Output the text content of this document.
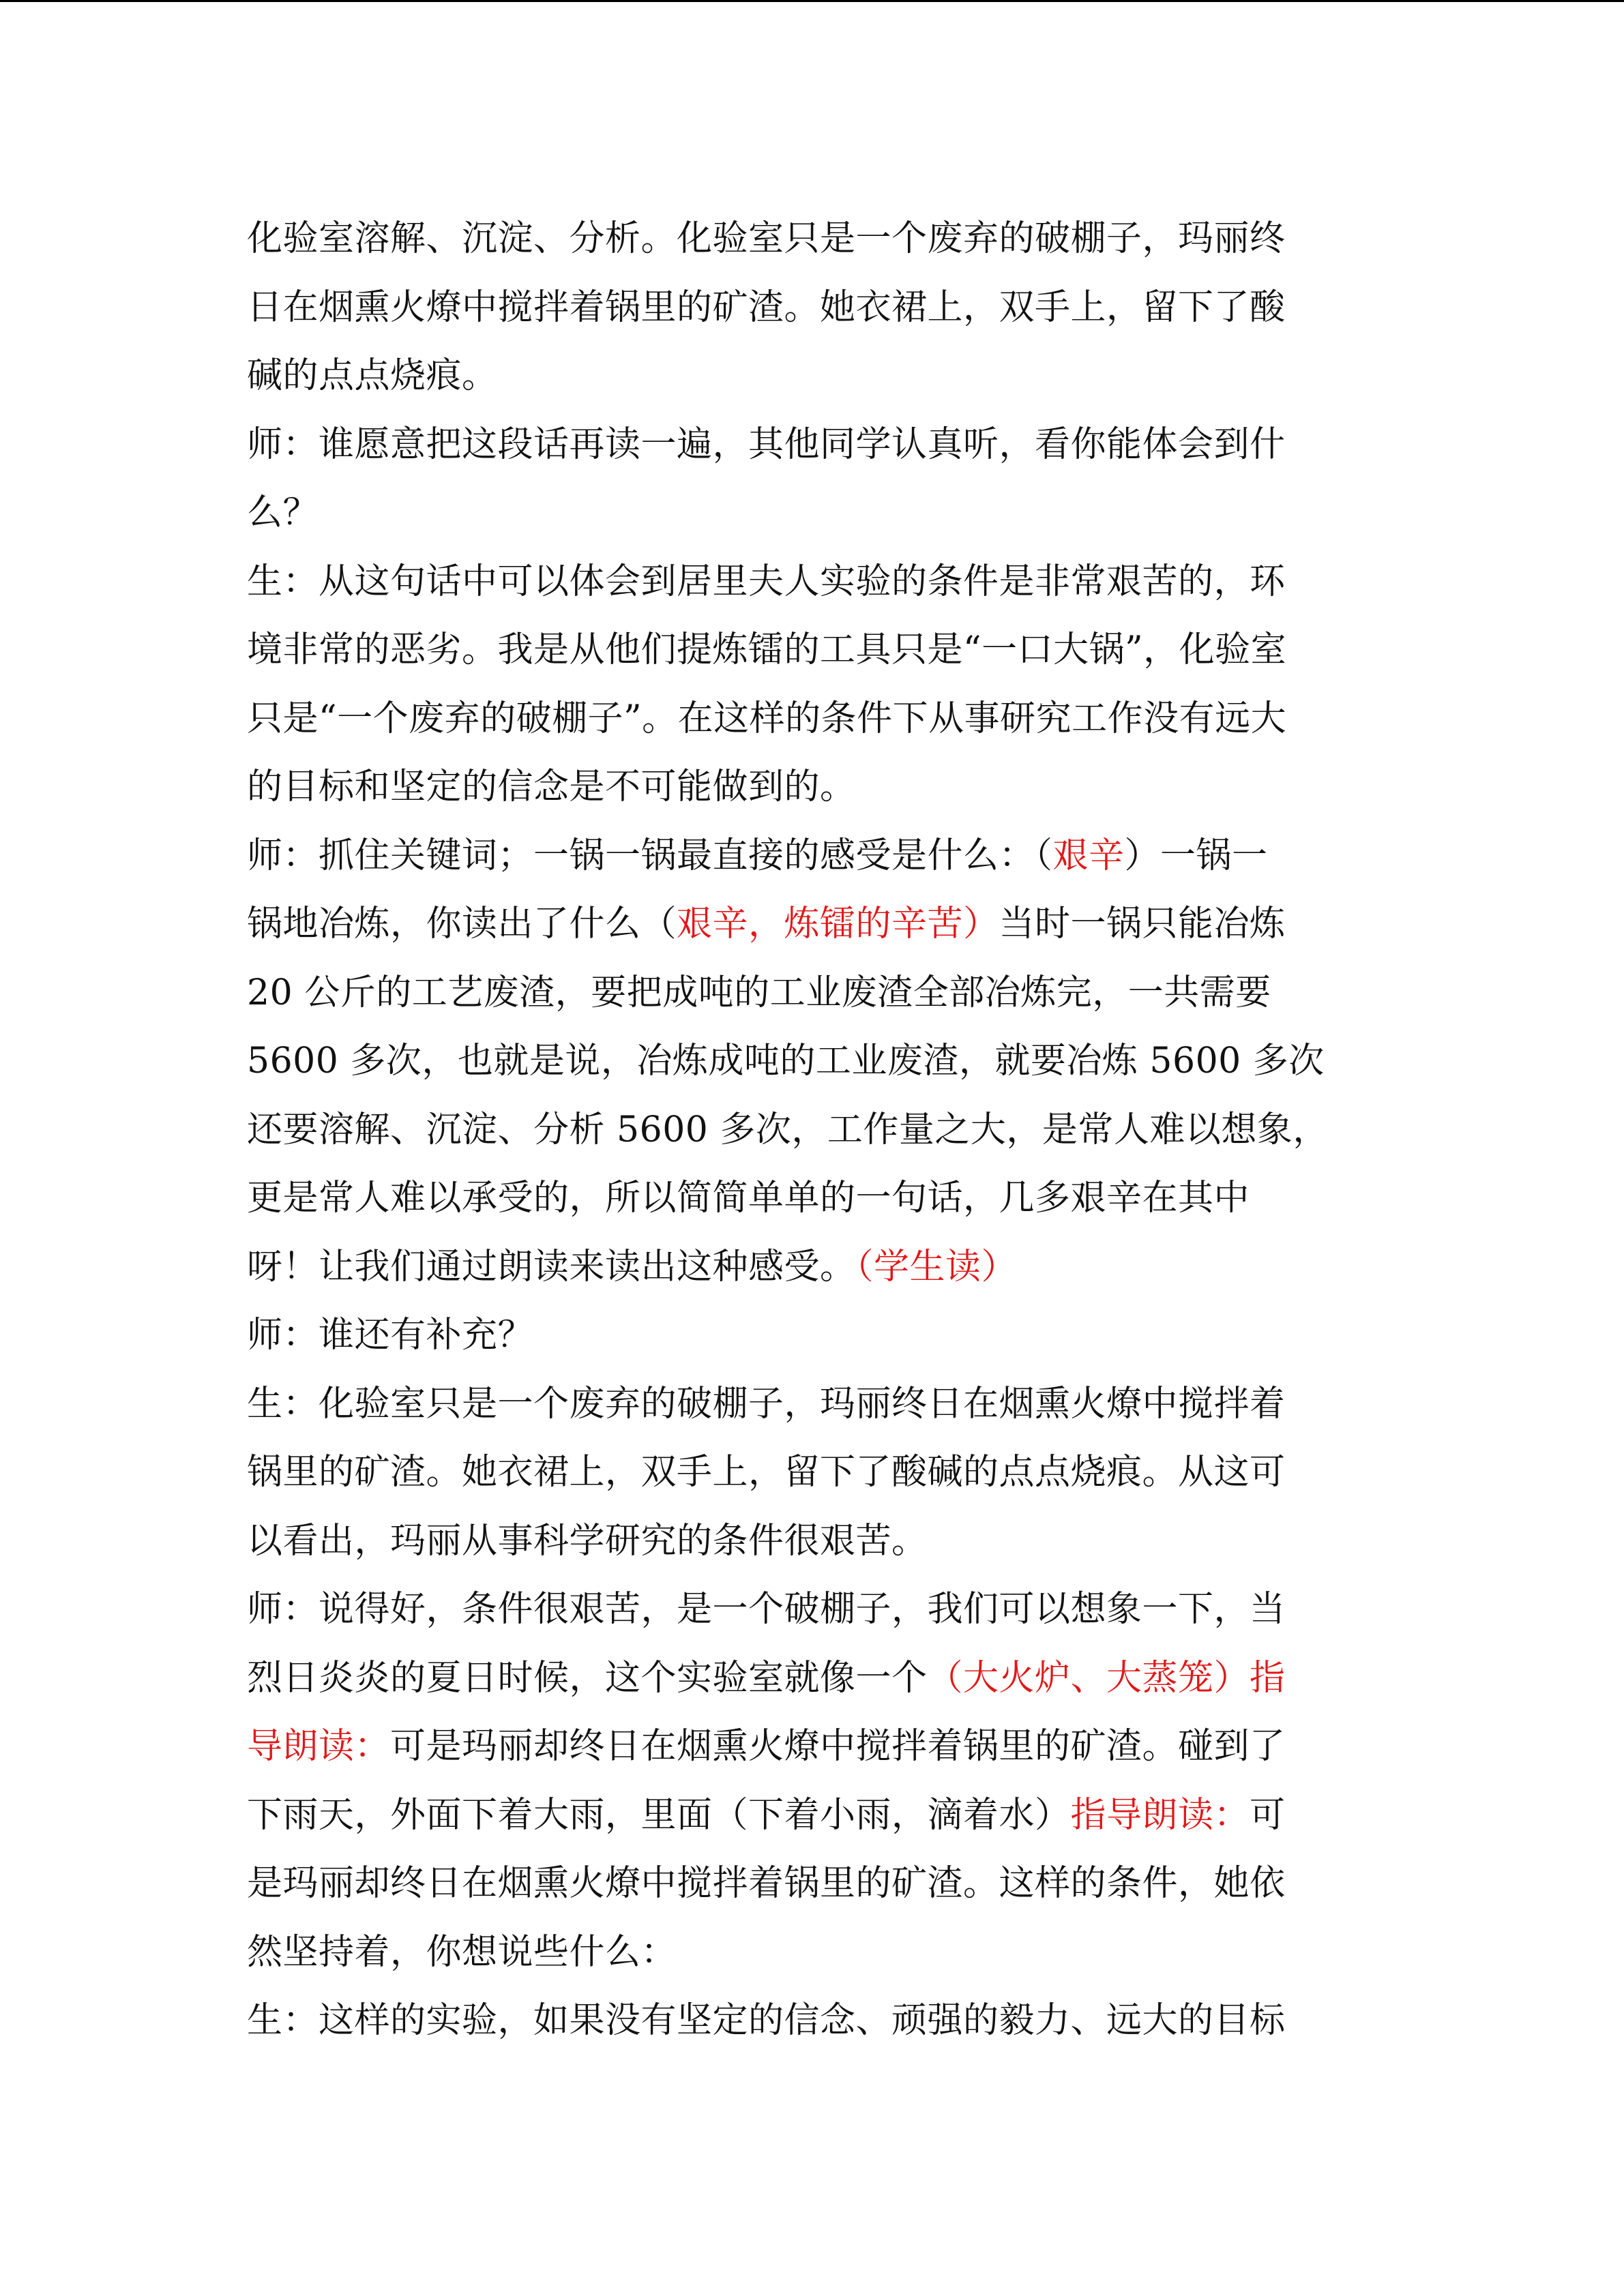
化验室溶解、沉淀、分析。化验室只是一个废弃的破棚子，玛丽终
日在烟熏火燎中搅拌着锅里的矿渣。她衣裙上，双手上，留下了酸
碱的点点烧痕。
师：谁愿意把这段话再读一遍，其他同学认真听，看你能体会到什
么？
生：从这句话中可以体会到居里夫人实验的条件是非常艰苦的，环
境非常的恶劣。我是从他们提炼镭的工具只是“一口大锅”，化验室
只是“一个废弃的破棚子”。在这样的条件下从事研究工作没有远大
的目标和坚定的信念是不可能做到的。
师：抓住关键词；一锅一锅最直接的感受是什么：（艰辛）一锅一
锅地冶炼，你读出了什么（艰辛，炼镭的辛苦）当时一锅只能冶炼
20 公斤的工艺废渣，要把成吨的工业废渣全部冶炼完，一共需要
5600 多次，也就是说，冶炼成吨的工业废渣，就要冶炼 5600 多次
还要溶解、沉淀、分析 5600 多次，工作量之大，是常人难以想象，
更是常人难以承受的，所以简简单单的一句话，几多艰辛在其中
呀！让我们通过朗读来读出这种感受。（学生读）
师：谁还有补充？
生：化验室只是一个废弃的破棚子，玛丽终日在烟熏火燎中搅拌着
锅里的矿渣。她衣裙上，双手上，留下了酸碱的点点烧痕。从这可
以看出，玛丽从事科学研究的条件很艰苦。
师：说得好，条件很艰苦，是一个破棚子，我们可以想象一下，当
烈日炎炎的夏日时候，这个实验室就像一个（大火炉、大蒸笼）指
导朗读：可是玛丽却终日在烟熏火燎中搅拌着锅里的矿渣。碰到了
下雨天，外面下着大雨，里面（下着小雨，滴着水）指导朗读：可
是玛丽却终日在烟熏火燎中搅拌着锅里的矿渣。这样的条件，她依
然坚持着，你想说些什么：
生：这样的实验，如果没有坚定的信念、顽强的毅力、远大的目标
